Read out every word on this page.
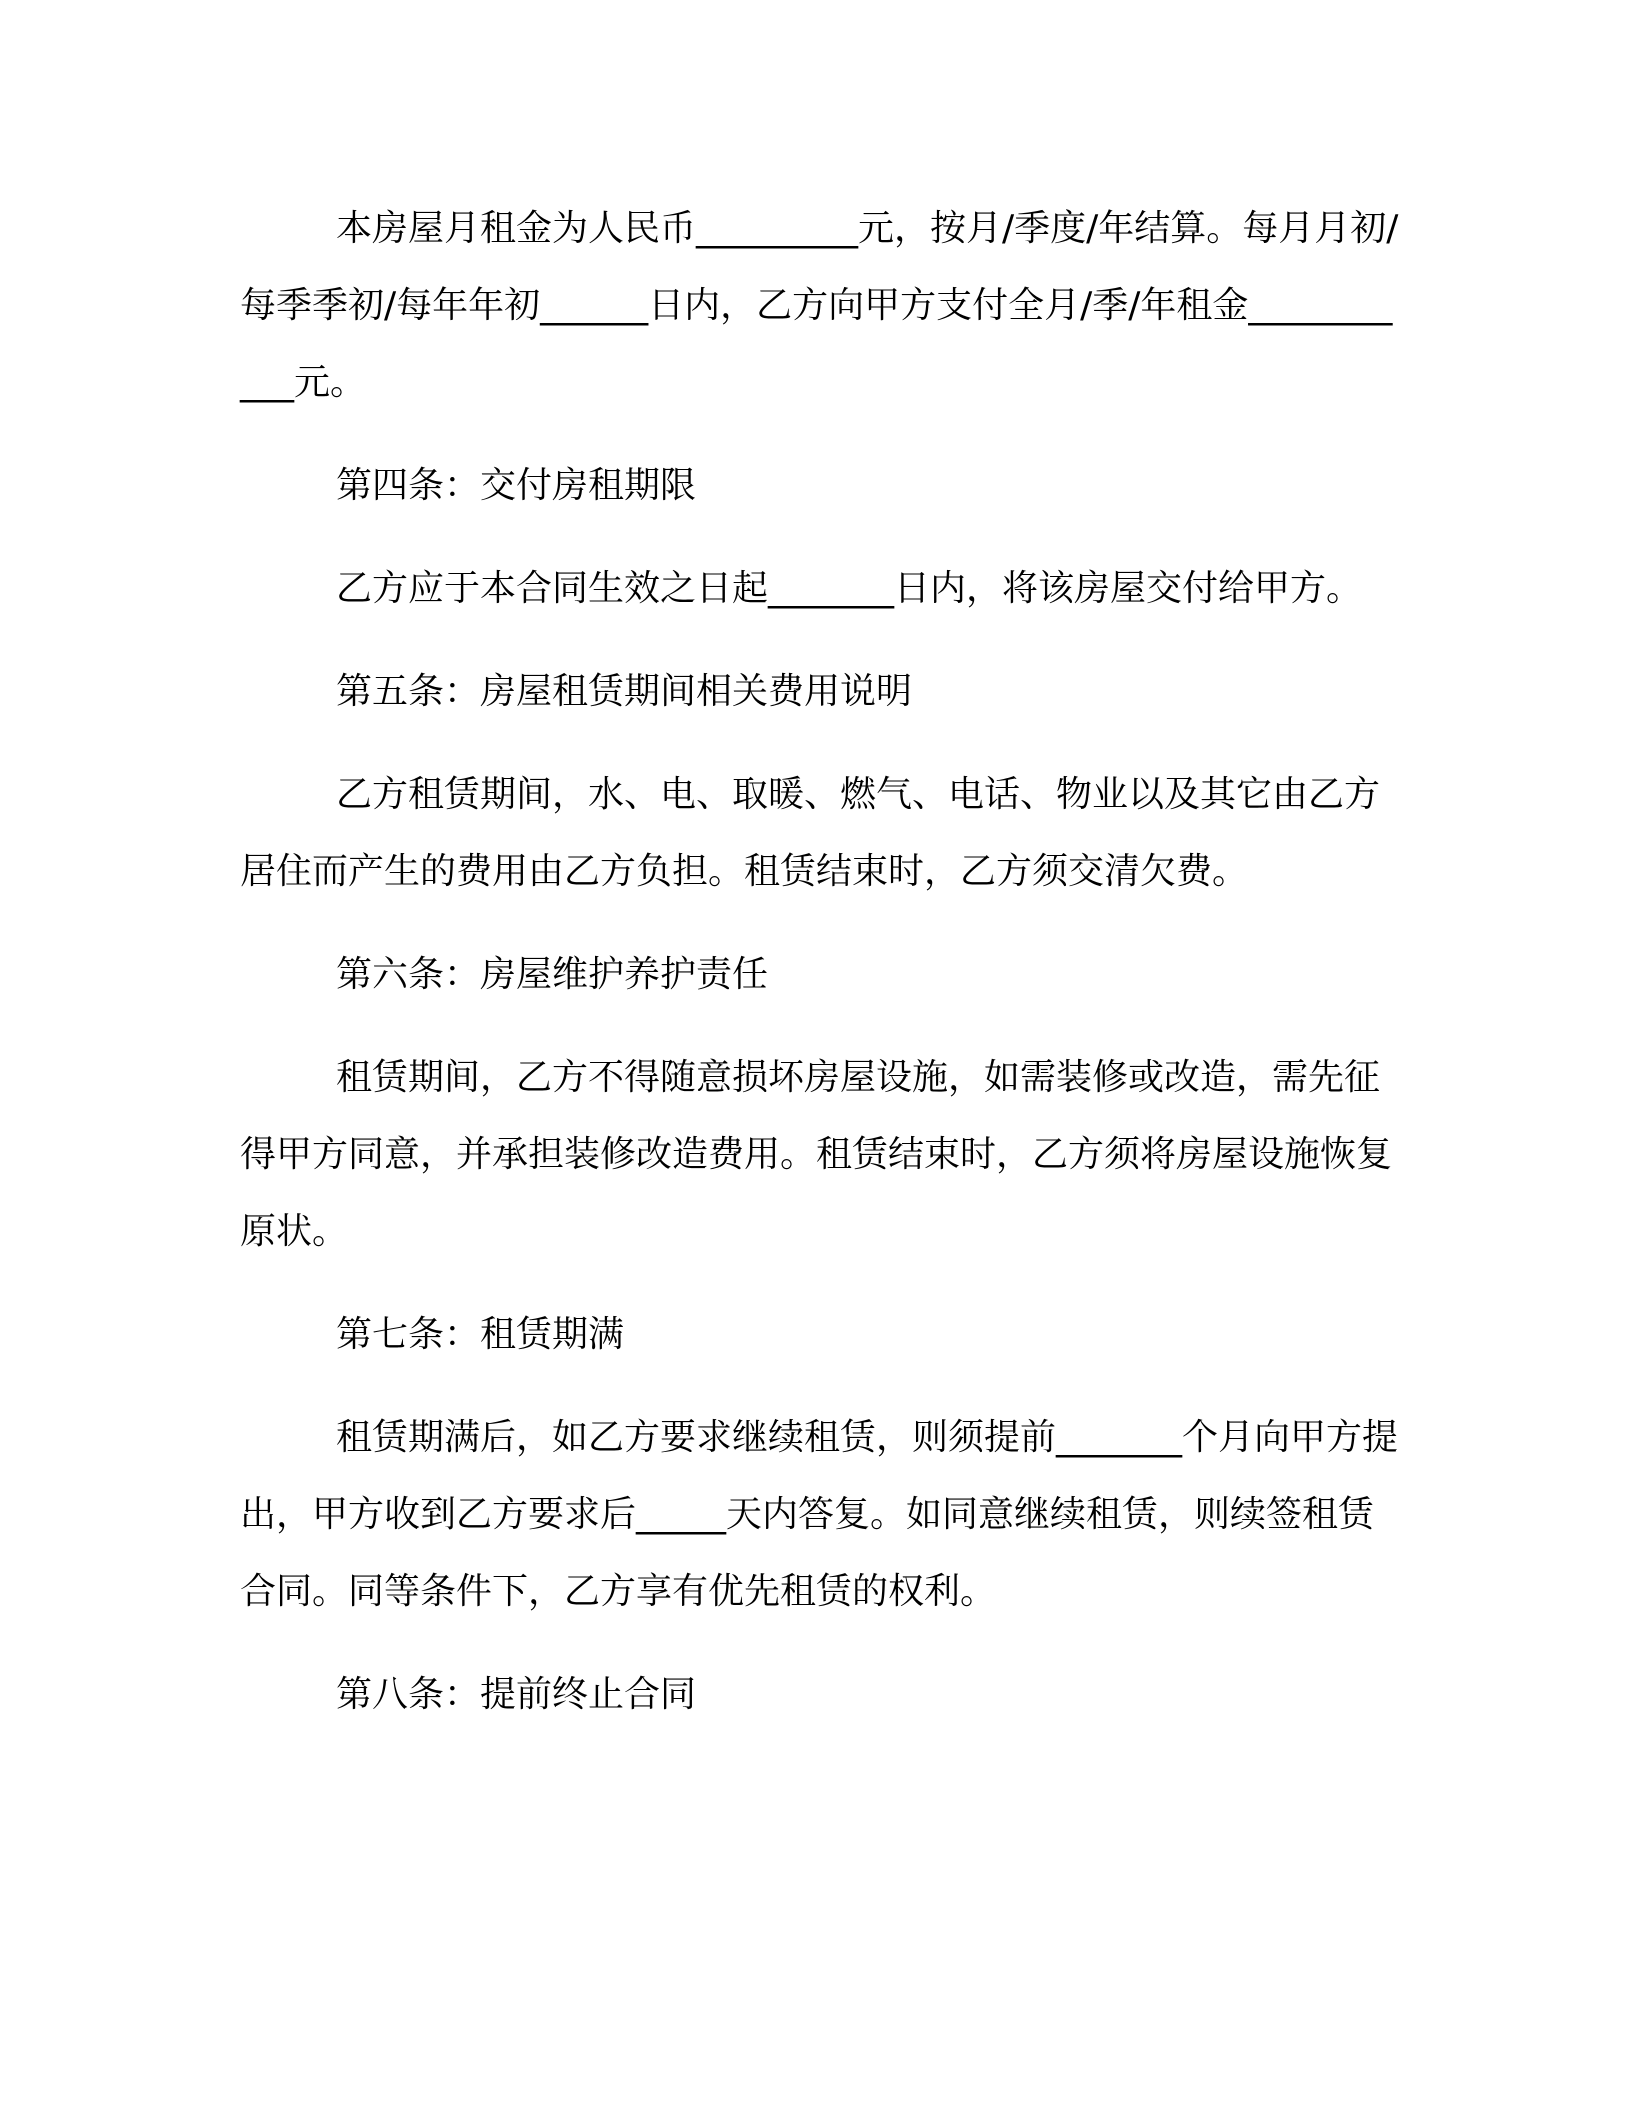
本房屋月租金为人民币_________元，按月/季度/年结算。每月月初/每季季初/每年年初______日内，乙方向甲方支付全月/季/年租金___________元。

第四条：交付房租期限

乙方应于本合同生效之日起_______日内，将该房屋交付给甲方。

第五条：房屋租赁期间相关费用说明

乙方租赁期间，水、电、取暖、燃气、电话、物业以及其它由乙方居住而产生的费用由乙方负担。租赁结束时，乙方须交清欠费。

第六条：房屋维护养护责任

租赁期间，乙方不得随意损坏房屋设施，如需装修或改造，需先征得甲方同意，并承担装修改造费用。租赁结束时，乙方须将房屋设施恢复原状。

第七条：租赁期满

租赁期满后，如乙方要求继续租赁，则须提前_______个月向甲方提出，甲方收到乙方要求后_____天内答复。如同意继续租赁，则续签租赁合同。同等条件下，乙方享有优先租赁的权利。

第八条：提前终止合同
